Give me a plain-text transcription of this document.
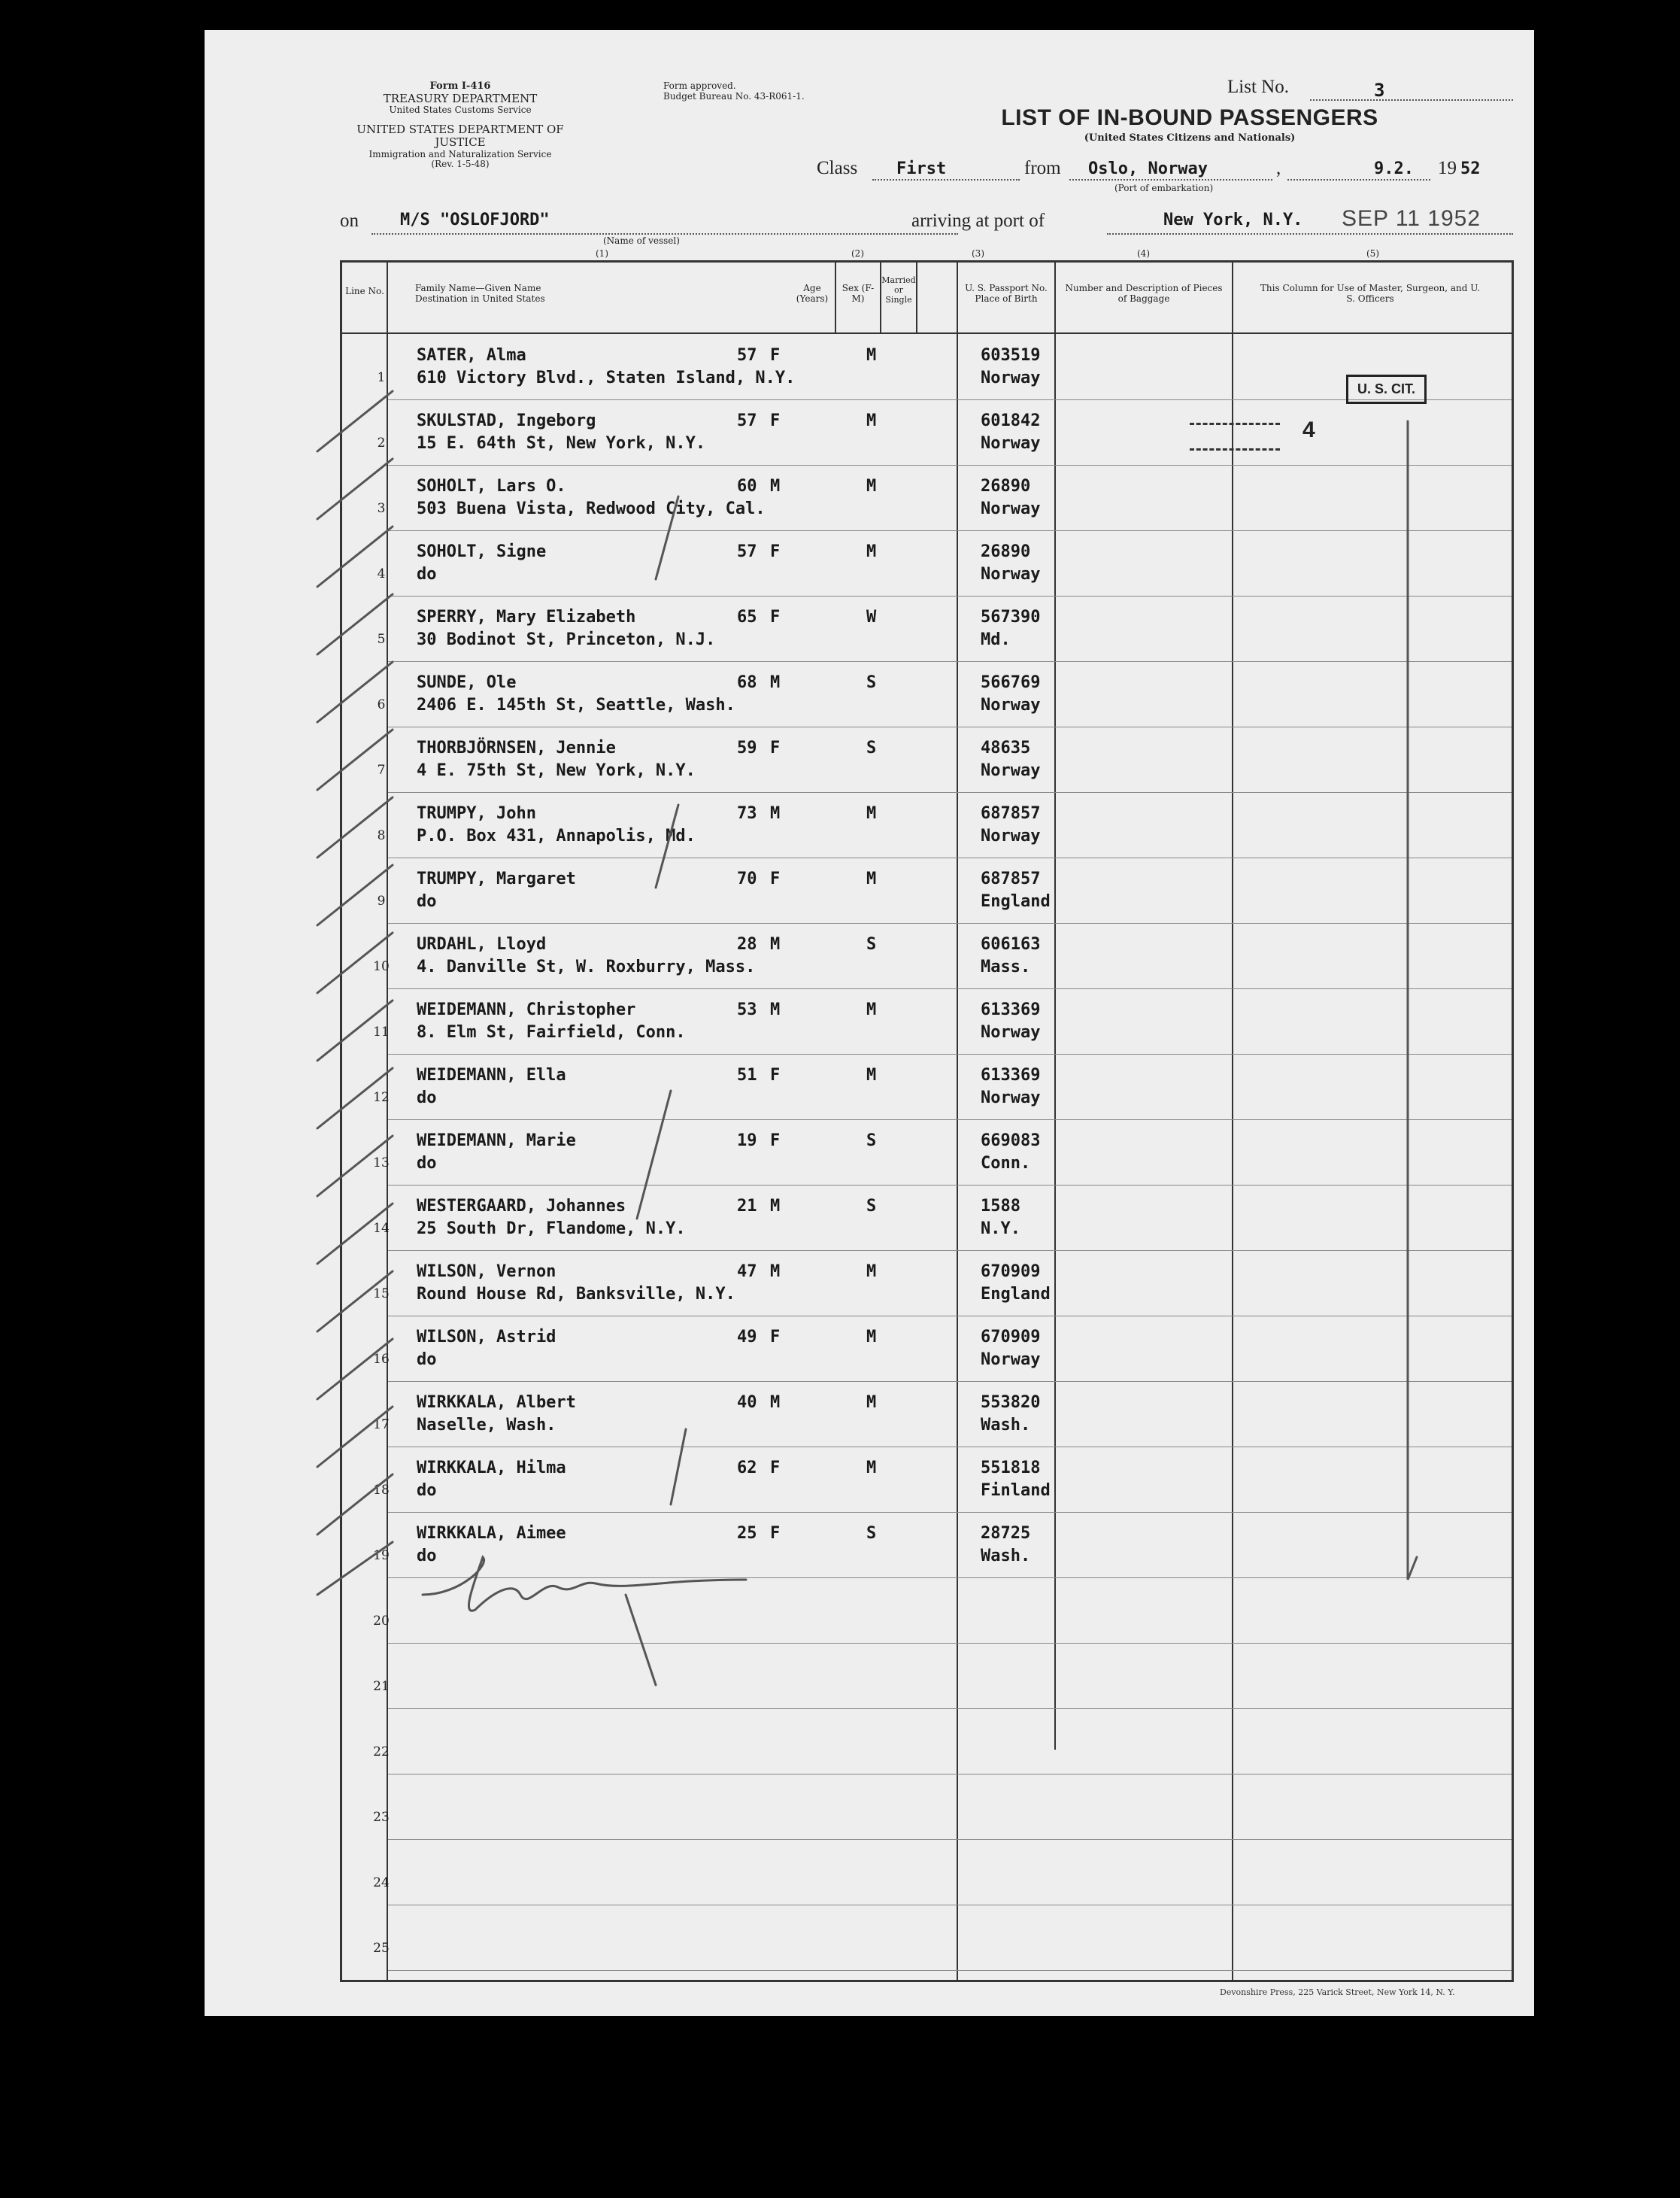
Form I-416
TREASURY DEPARTMENT
United States Customs Service
UNITED STATES DEPARTMENT OF JUSTICE
Immigration and Naturalization Service
(Rev. 1-5-48)
Form approved.
Budget Bureau No. 43-R061-1.	List No.	3
LIST OF IN-BOUND PASSENGERS
(United States Citizens and Nationals)
Class First	from Oslo, Norway
(Port of embarkation)
,	9.2. 19 52
on	M/S "OSLOFJORD"
(Name of vessel)
(1)
arriving at port of	New York, N.Y. SEP 11 1952
(2)	(3)	(4)	(5)
Line No.	Family Name—Given Name
Destination in United States
Age (Years)
Sex (F-M)
Married or Single
U. S. Passport No. Place of Birth
Number and Description of Pieces of Baggage
This Column for Use of Master, Surgeon, and U. S. Officers
1
SATER, Alma
610 Victory Blvd., Staten Island, N.Y.
57 F	M	603519
Norway
2
SKULSTAD, Ingeborg
15 E. 64th St, New York, N.Y.
57 F	M	601842
Norway
3
SOHOLT, Lars O.
503 Buena Vista, Redwood City, Cal.
60 M	M	26890
Norway
4
SOHOLT, Signe
do
57 F	M	26890
Norway
5
SPERRY, Mary Elizabeth
30 Bodinot St, Princeton, N.J.
65 F	W	567390
Md.
6
SUNDE, Ole
2406 E. 145th St, Seattle, Wash.
68 M	S	566769
Norway
7
THORBJÖRNSEN, Jennie
4 E. 75th St, New York, N.Y.
59 F	S	48635
Norway
8
TRUMPY, John
P.O. Box 431, Annapolis, Md.
73 M	M	687857
Norway
9
TRUMPY, Margaret
do
70 F	M	687857
England
10
URDAHL, Lloyd
4. Danville St, W. Roxburry, Mass.
28 M	S	606163
Mass.
11
WEIDEMANN, Christopher
8. Elm St, Fairfield, Conn.
53 M	M	613369
Norway
12
WEIDEMANN, Ella
do
51 F	M	613369
Norway
13
WEIDEMANN, Marie
do
19 F	S	669083
Conn.
14
WESTERGAARD, Johannes
25 South Dr, Flandome, N.Y.
21 M	S	1588
N.Y.
15
WILSON, Vernon
Round House Rd, Banksville, N.Y.
47 M	M	670909
England
16
WILSON, Astrid
do
49 F	M	670909
Norway
17
WIRKKALA, Albert
Naselle, Wash.
40 M	M	553820
Wash.
18
WIRKKALA, Hilma
do
62 F	M	551818
Finland
19
WIRKKALA, Aimee
do
25 F	S	28725
Wash.
20
21
22
23
24
25
U. S. CIT.
4
Devonshire Press, 225 Varick Street, New York 14, N. Y.
